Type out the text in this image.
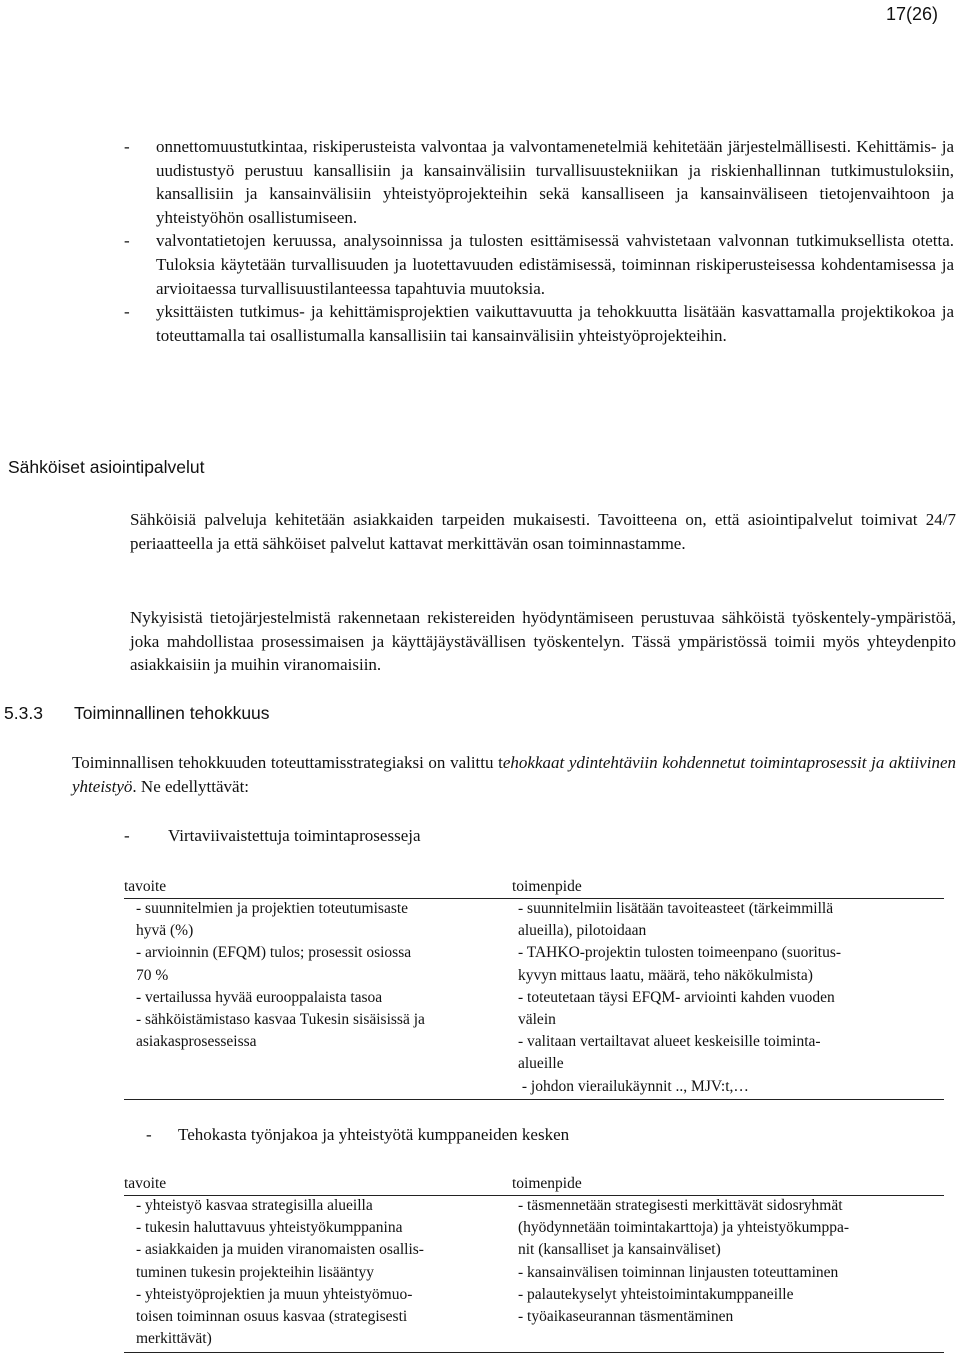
17(26)
- onnettomuustutkintaa, riskiperusteista valvontaa ja valvontamenetelmiä kehitetään järjestelmällisesti. Kehittämis- ja uudistustyö perustuu kansallisiin ja kansainvälisiin turvallisuustekniikan ja riskienhallinnan tutkimustuloksiin, kansallisiin ja kansainvälisiin yhteistyöprojekteihin sekä kansalliseen ja kansainväliseen tietojenvaihtoon ja yhteistyöhön osallistumiseen.
- valvontatietojen keruussa, analysoinnissa ja tulosten esittämisessä vahvistetaan valvonnan tutkimuksellista otetta. Tuloksia käytetään turvallisuuden ja luotettavuuden edistämisessä, toiminnan riskiperusteisessa kohdentamisessa ja arvioitaessa turvallisuustilanteessa tapahtuvia muutoksia.
- yksittäisten tutkimus- ja kehittämisprojektien vaikuttavuutta ja tehokkuutta lisätään kasvattamalla projektikokoa ja toteuttamalla tai osallistumalla kansallisiin tai kansainvälisiin yhteistyöprojekteihin.
Sähköiset asiointipalvelut
Sähköisiä palveluja kehitetään asiakkaiden tarpeiden mukaisesti. Tavoitteena on, että asiointipalvelut toimivat 24/7 periaatteella ja että sähköiset palvelut kattavat merkittävän osan toiminnastamme.
Nykyisistä tietojärjestelmistä rakennetaan rekistereiden hyödyntämiseen perustuvaa sähköistä työskentely-ympäristöä, joka mahdollistaa prosessimaisen ja käyttäjäystävällisen työskentelyn. Tässä ympäristössä toimii myös yhteydenpito asiakkaisiin ja muihin viranomaisiin.
5.3.3 Toiminnallinen tehokkuus
Toiminnallisen tehokkuuden toteuttamisstrategiaksi on valittu tehokkaat ydintehtäviin kohdennetut toimintaprosessit ja aktiivinen yhteistyö. Ne edellyttävät:
- Virtaviivaistettuja toimintaprosesseja
tavoite	toimenpide
- suunnitelmien ja projektien toteutumisaste
hyvä (%)
- arvioinnin (EFQM) tulos; prosessit osiossa
70 %
- vertailussa hyvää eurooppalaista tasoa
- sähköistämistaso kasvaa Tukesin sisäisissä ja
asiakasprosesseissa
- suunnitelmiin lisätään tavoiteasteet (tärkeimmillä
alueilla), pilotoidaan
- TAHKO-projektin tulosten toimeenpano (suoritus-
kyvyn mittaus laatu, määrä, teho näkökulmista)
- toteutetaan täysi EFQM- arviointi kahden vuoden
välein
- valitaan vertailtavat alueet keskeisille toiminta-
alueille
- johdon vierailukäynnit .., MJV:t,…
- Tehokasta työnjakoa ja yhteistyötä kumppaneiden kesken
tavoite	toimenpide
- yhteistyö kasvaa strategisilla alueilla
- tukesin haluttavuus yhteistyökumppanina
- asiakkaiden ja muiden viranomaisten osallis-
tuminen tukesin projekteihin lisääntyy
- yhteistyöprojektien ja muun yhteistyömuo-
toisen toiminnan osuus kasvaa (strategisesti
merkittävät)
- täsmennetään strategisesti merkittävät sidosryhmät
(hyödynnetään toimintakarttoja) ja yhteistyökumppa-
nit (kansalliset ja kansainväliset)
- kansainvälisen toiminnan linjausten toteuttaminen
- palautekyselyt yhteistoimintakumppaneille
- työaikaseurannan täsmentäminen
